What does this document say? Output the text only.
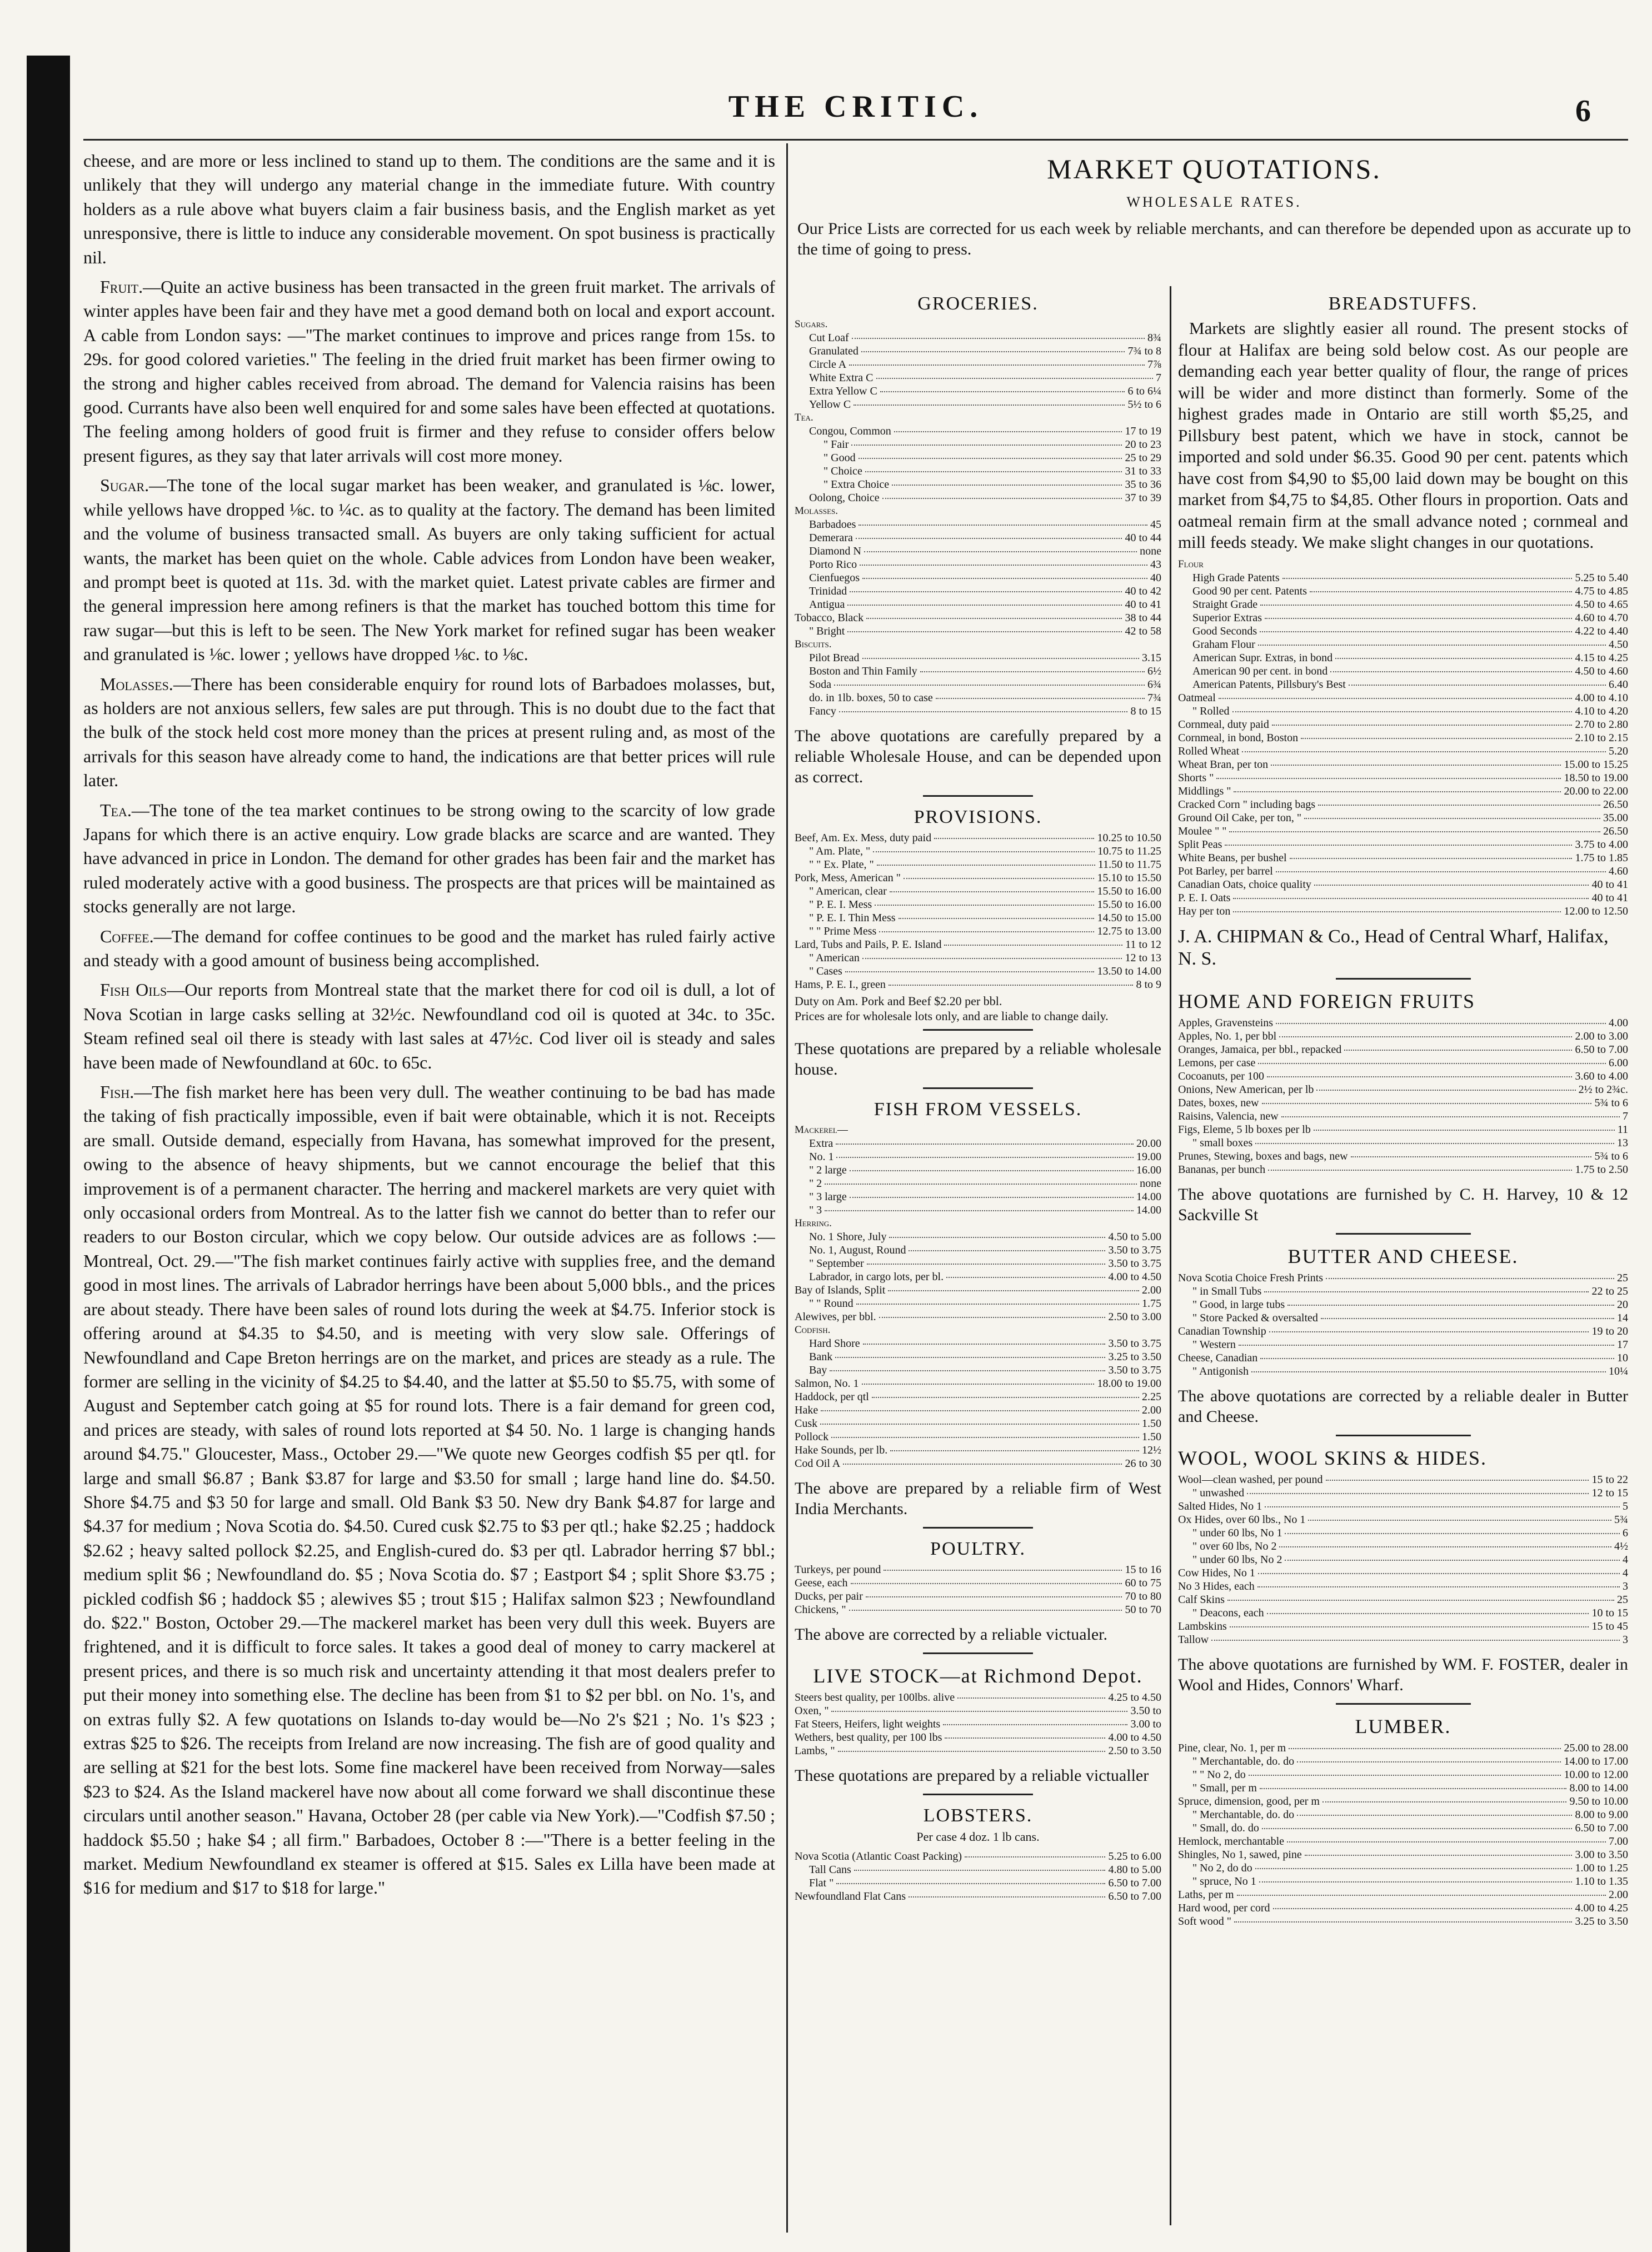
THE CRITIC.	6

cheese, and are more or less inclined to stand up to them. The conditions are the same and it is unlikely that they will undergo any material change in the immediate future. With country holders as a rule above what buyers claim a fair business basis, and the English market as yet unresponsive, there is little to induce any considerable movement. On spot business is practically nil.

Fruit.—Quite an active business has been transacted in the green fruit market. The arrivals of winter apples have been fair and they have met a good demand both on local and export account. A cable from London says: —"The market continues to improve and prices range from 15s. to 29s. for good colored varieties." The feeling in the dried fruit market has been firmer owing to the strong and higher cables received from abroad. The demand for Valencia raisins has been good. Currants have also been well enquired for and some sales have been effected at quotations. The feeling among holders of good fruit is firmer and they refuse to consider offers below present figures, as they say that later arrivals will cost more money.

Sugar.—The tone of the local sugar market has been weaker, and granulated is ⅛c. lower, while yellows have dropped ⅛c. to ¼c. as to quality at the factory. The demand has been limited and the volume of business transacted small. As buyers are only taking sufficient for actual wants, the market has been quiet on the whole. Cable advices from London have been weaker, and prompt beet is quoted at 11s. 3d. with the market quiet. Latest private cables are firmer and the general impression here among refiners is that the market has touched bottom this time for raw sugar—but this is left to be seen. The New York market for refined sugar has been weaker and granulated is ⅛c. lower ; yellows have dropped ⅛c. to ⅛c.

Molasses.—There has been considerable enquiry for round lots of Barbadoes molasses, but, as holders are not anxious sellers, few sales are put through. This is no doubt due to the fact that the bulk of the stock held cost more money than the prices at present ruling and, as most of the arrivals for this season have already come to hand, the indications are that better prices will rule later.

Tea.—The tone of the tea market continues to be strong owing to the scarcity of low grade Japans for which there is an active enquiry. Low grade blacks are scarce and are wanted. They have advanced in price in London. The demand for other grades has been fair and the market has ruled moderately active with a good business. The prospects are that prices will be maintained as stocks generally are not large.

Coffee.—The demand for coffee continues to be good and the market has ruled fairly active and steady with a good amount of business being accomplished.

Fish Oils—Our reports from Montreal state that the market there for cod oil is dull, a lot of Nova Scotian in large casks selling at 32½c. Newfoundland cod oil is quoted at 34c. to 35c. Steam refined seal oil there is steady with last sales at 47½c. Cod liver oil is steady and sales have been made of Newfoundland at 60c. to 65c.

Fish.—The fish market here has been very dull. The weather continuing to be bad has made the taking of fish practically impossible, even if bait were obtainable, which it is not. Receipts are small. Outside demand, especially from Havana, has somewhat improved for the present, owing to the absence of heavy shipments, but we cannot encourage the belief that this improvement is of a permanent character. The herring and mackerel markets are very quiet with only occasional orders from Montreal. As to the latter fish we cannot do better than to refer our readers to our Boston circular, which we copy below. Our outside advices are as follows :—Montreal, Oct. 29.—"The fish market continues fairly active with supplies free, and the demand good in most lines. The arrivals of Labrador herrings have been about 5,000 bbls., and the prices are about steady. There have been sales of round lots during the week at $4.75. Inferior stock is offering around at $4.35 to $4.50, and is meeting with very slow sale. Offerings of Newfoundland and Cape Breton herrings are on the market, and prices are steady as a rule. The former are selling in the vicinity of $4.25 to $4.40, and the latter at $5.50 to $5.75, with some of August and September catch going at $5 for round lots. There is a fair demand for green cod, and prices are steady, with sales of round lots reported at $4 50. No. 1 large is changing hands around $4.75." Gloucester, Mass., October 29.—"We quote new Georges codfish $5 per qtl. for large and small $6.87 ; Bank $3.87 for large and $3.50 for small ; large hand line do. $4.50. Shore $4.75 and $3 50 for large and small. Old Bank $3 50. New dry Bank $4.87 for large and $4.37 for medium ; Nova Scotia do. $4.50. Cured cusk $2.75 to $3 per qtl.; hake $2.25 ; haddock $2.62 ; heavy salted pollock $2.25, and English-cured do. $3 per qtl. Labrador herring $7 bbl.; medium split $6 ; Newfoundland do. $5 ; Nova Scotia do. $7 ; Eastport $4 ; split Shore $3.75 ; pickled codfish $6 ; haddock $5 ; alewives $5 ; trout $15 ; Halifax salmon $23 ; Newfoundland do. $22." Boston, October 29.—The mackerel market has been very dull this week. Buyers are frightened, and it is difficult to force sales. It takes a good deal of money to carry mackerel at present prices, and there is so much risk and uncertainty attending it that most dealers prefer to put their money into something else. The decline has been from $1 to $2 per bbl. on No. 1's, and on extras fully $2. A few quotations on Islands to-day would be—No 2's $21 ; No. 1's $23 ; extras $25 to $26. The receipts from Ireland are now increasing. The fish are of good quality and are selling at $21 for the best lots. Some fine mackerel have been received from Norway—sales $23 to $24. As the Island mackerel have now about all come forward we shall discontinue these circulars until another season." Havana, October 28 (per cable via New York).—"Codfish $7.50 ; haddock $5.50 ; hake $4 ; all firm." Barbadoes, October 8 :—"There is a better feeling in the market. Medium Newfoundland ex steamer is offered at $15. Sales ex Lilla have been made at $16 for medium and $17 to $18 for large."

MARKET QUOTATIONS.
WHOLESALE RATES.
Our Price Lists are corrected for us each week by reliable merchants, and can therefore be depended upon as accurate up to the time of going to press.
GROCERIES.
Sugars.
Cut Loaf	8¾
Granulated	7¾ to 8
Circle A	7⅞
White Extra C	7
Extra Yellow C	6 to 6¼
Yellow C	5½ to 6
Tea.
Congou, Common	17 to 19
" Fair	20 to 23
" Good	25 to 29
" Choice	31 to 33
" Extra Choice	35 to 36
Oolong, Choice	37 to 39
Molasses.
Barbadoes	45
Demerara	40 to 44
Diamond N	none
Porto Rico	43
Cienfuegos	40
Trinidad	40 to 42
Antigua	40 to 41
Tobacco, Black	38 to 44
" Bright	42 to 58
Biscuits.
Pilot Bread	3.15
Boston and Thin Family	6½
Soda	6¾
do. in 1lb. boxes, 50 to case	7¾
Fancy	8 to 15
The above quotations are carefully prepared by a reliable Wholesale House, and can be depended upon as correct.
PROVISIONS.
Beef, Am. Ex. Mess, duty paid	10.25 to 10.50
" Am. Plate, "	10.75 to 11.25
" " Ex. Plate, "	11.50 to 11.75
Pork, Mess, American "	15.10 to 15.50
" American, clear	15.50 to 16.00
" P. E. I. Mess	15.50 to 16.00
" P. E. I. Thin Mess	14.50 to 15.00
" " Prime Mess	12.75 to 13.00
Lard, Tubs and Pails, P. E. Island	11 to 12
" American	12 to 13
" Cases	13.50 to 14.00
Hams, P. E. I., green	8 to 9
Duty on Am. Pork and Beef $2.20 per bbl.
Prices are for wholesale lots only, and are liable to change daily.
These quotations are prepared by a reliable wholesale house.
FISH FROM VESSELS.
Mackerel—
Extra	20.00
No. 1	19.00
" 2 large	16.00
" 2	none
" 3 large	14.00
" 3	14.00
Herring.
No. 1 Shore, July	4.50 to 5.00
No. 1, August, Round	3.50 to 3.75
" September	3.50 to 3.75
Labrador, in cargo lots, per bl.	4.00 to 4.50
Bay of Islands, Split	2.00
" " Round	1.75
Alewives, per bbl.	2.50 to 3.00
Codfish.
Hard Shore	3.50 to 3.75
Bank	3.25 to 3.50
Bay	3.50 to 3.75
Salmon, No. 1	18.00 to 19.00
Haddock, per qtl	2.25
Hake	2.00
Cusk	1.50
Pollock	1.50
Hake Sounds, per lb.	12½
Cod Oil A	26 to 30
The above are prepared by a reliable firm of West India Merchants.
POULTRY.
Turkeys, per pound	15 to 16
Geese, each	60 to 75
Ducks, per pair	70 to 80
Chickens, "	50 to 70
The above are corrected by a reliable victualer.
LIVE STOCK—at Richmond Depot.
Steers best quality, per 100lbs. alive	4.25 to 4.50
Oxen, "	3.50 to
Fat Steers, Heifers, light weights	3.00 to
Wethers, best quality, per 100 lbs	4.00 to 4.50
Lambs, "	2.50 to 3.50
These quotations are prepared by a reliable victualler
LOBSTERS.
Per case 4 doz. 1 lb cans.
Nova Scotia (Atlantic Coast Packing)	5.25 to 6.00
Tall Cans	4.80 to 5.00
Flat "	6.50 to 7.00
Newfoundland Flat Cans	6.50 to 7.00
BREADSTUFFS.

Markets are slightly easier all round. The present stocks of flour at Halifax are being sold below cost. As our people are demanding each year better quality of flour, the range of prices will be wider and more distinct than formerly. Some of the highest grades made in Ontario are still worth $5,25, and Pillsbury best patent, which we have in stock, cannot be imported and sold under $6.35. Good 90 per cent. patents which have cost from $4,90 to $5,00 laid down may be bought on this market from $4,75 to $4,85. Other flours in proportion. Oats and oatmeal remain firm at the small advance noted ; cornmeal and mill feeds steady. We make slight changes in our quotations.

Flour
High Grade Patents	5.25 to 5.40
Good 90 per cent. Patents	4.75 to 4.85
Straight Grade	4.50 to 4.65
Superior Extras	4.60 to 4.70
Good Seconds	4.22 to 4.40
Graham Flour	4.50
American Supr. Extras, in bond	4.15 to 4.25
American 90 per cent. in bond	4.50 to 4.60
American Patents, Pillsbury's Best	6.40
Oatmeal	4.00 to 4.10
" Rolled	4.10 to 4.20
Cornmeal, duty paid	2.70 to 2.80
Cornmeal, in bond, Boston	2.10 to 2.15
Rolled Wheat	5.20
Wheat Bran, per ton	15.00 to 15.25
Shorts "	18.50 to 19.00
Middlings "	20.00 to 22.00
Cracked Corn " including bags	26.50
Ground Oil Cake, per ton, "	35.00
Moulee " "	26.50
Split Peas	3.75 to 4.00
White Beans, per bushel	1.75 to 1.85
Pot Barley, per barrel	4.60
Canadian Oats, choice quality	40 to 41
P. E. I. Oats	40 to 41
Hay per ton	12.00 to 12.50
J. A. CHIPMAN & Co., Head of Central Wharf, Halifax, N. S.
HOME AND FOREIGN FRUITS
Apples, Gravensteins	4.00
Apples, No. 1, per bbl	2.00 to 3.00
Oranges, Jamaica, per bbl., repacked	6.50 to 7.00
Lemons, per case	6.00
Cocoanuts, per 100	3.60 to 4.00
Onions, New American, per lb	2½ to 2¾c.
Dates, boxes, new	5¾ to 6
Raisins, Valencia, new	7
Figs, Eleme, 5 lb boxes per lb	11
" small boxes	13
Prunes, Stewing, boxes and bags, new	5¾ to 6
Bananas, per bunch	1.75 to 2.50
The above quotations are furnished by C. H. Harvey, 10 & 12 Sackville St
BUTTER AND CHEESE.
Nova Scotia Choice Fresh Prints	25
" in Small Tubs	22 to 25
" Good, in large tubs	20
" Store Packed & oversalted	14
Canadian Township	19 to 20
" Western	17
Cheese, Canadian	10
" Antigonish	10¼
The above quotations are corrected by a reliable dealer in Butter and Cheese.
WOOL, WOOL SKINS & HIDES.
Wool—clean washed, per pound	15 to 22
" unwashed	12 to 15
Salted Hides, No 1	5
Ox Hides, over 60 lbs., No 1	5¾
" under 60 lbs, No 1	6
" over 60 lbs, No 2	4½
" under 60 lbs, No 2	4
Cow Hides, No 1	4
No 3 Hides, each	3
Calf Skins	25
" Deacons, each	10 to 15
Lambskins	15 to 45
Tallow	3
The above quotations are furnished by WM. F. FOSTER, dealer in Wool and Hides, Connors' Wharf.
LUMBER.
Pine, clear, No. 1, per m	25.00 to 28.00
" Merchantable, do. do	14.00 to 17.00
" " No 2, do	10.00 to 12.00
" Small, per m	8.00 to 14.00
Spruce, dimension, good, per m	9.50 to 10.00
" Merchantable, do. do	8.00 to 9.00
" Small, do. do	6.50 to 7.00
Hemlock, merchantable	7.00
Shingles, No 1, sawed, pine	3.00 to 3.50
" No 2, do do	1.00 to 1.25
" spruce, No 1	1.10 to 1.35
Laths, per m	2.00
Hard wood, per cord	4.00 to 4.25
Soft wood "	3.25 to 3.50
